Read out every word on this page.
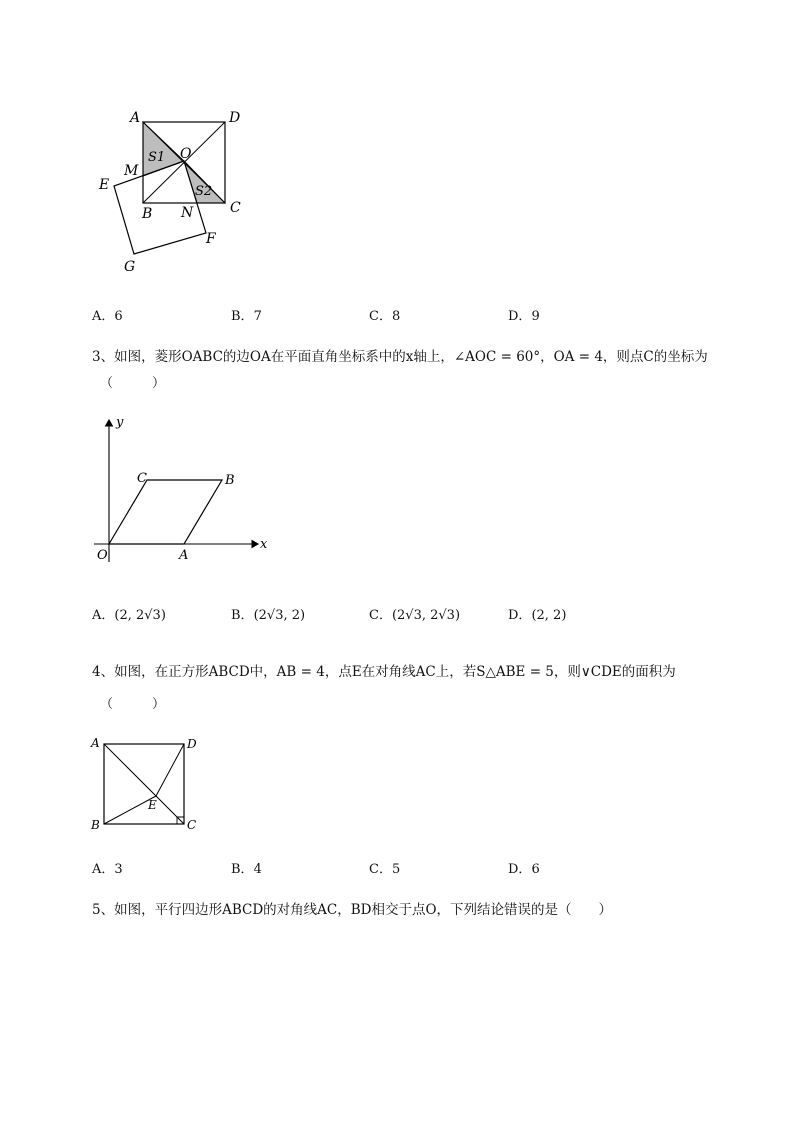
A	D
O
S1
M
E	S2
B N	C
F
G
A．6	B．7	C．8	D．9
3、如图，菱形OABC的边OA在平面直角坐标系中的x轴上，∠AOC = 60°，OA = 4，则点C的坐标为
（　　　）
y
x
O	A
B
C
A．(2, 2√3)	B．(2√3, 2)	C．(2√3, 2√3)	D．(2, 2)
4、如图，在正方形ABCD中，AB = 4，点E在对角线AC上，若S△ABE = 5，则∨CDE的面积为
（　　　）
A	D
E
B	C
A．3	B．4	C．5	D．6
5、如图，平行四边形ABCD的对角线AC，BD相交于点O，下列结论错误的是（　　）
